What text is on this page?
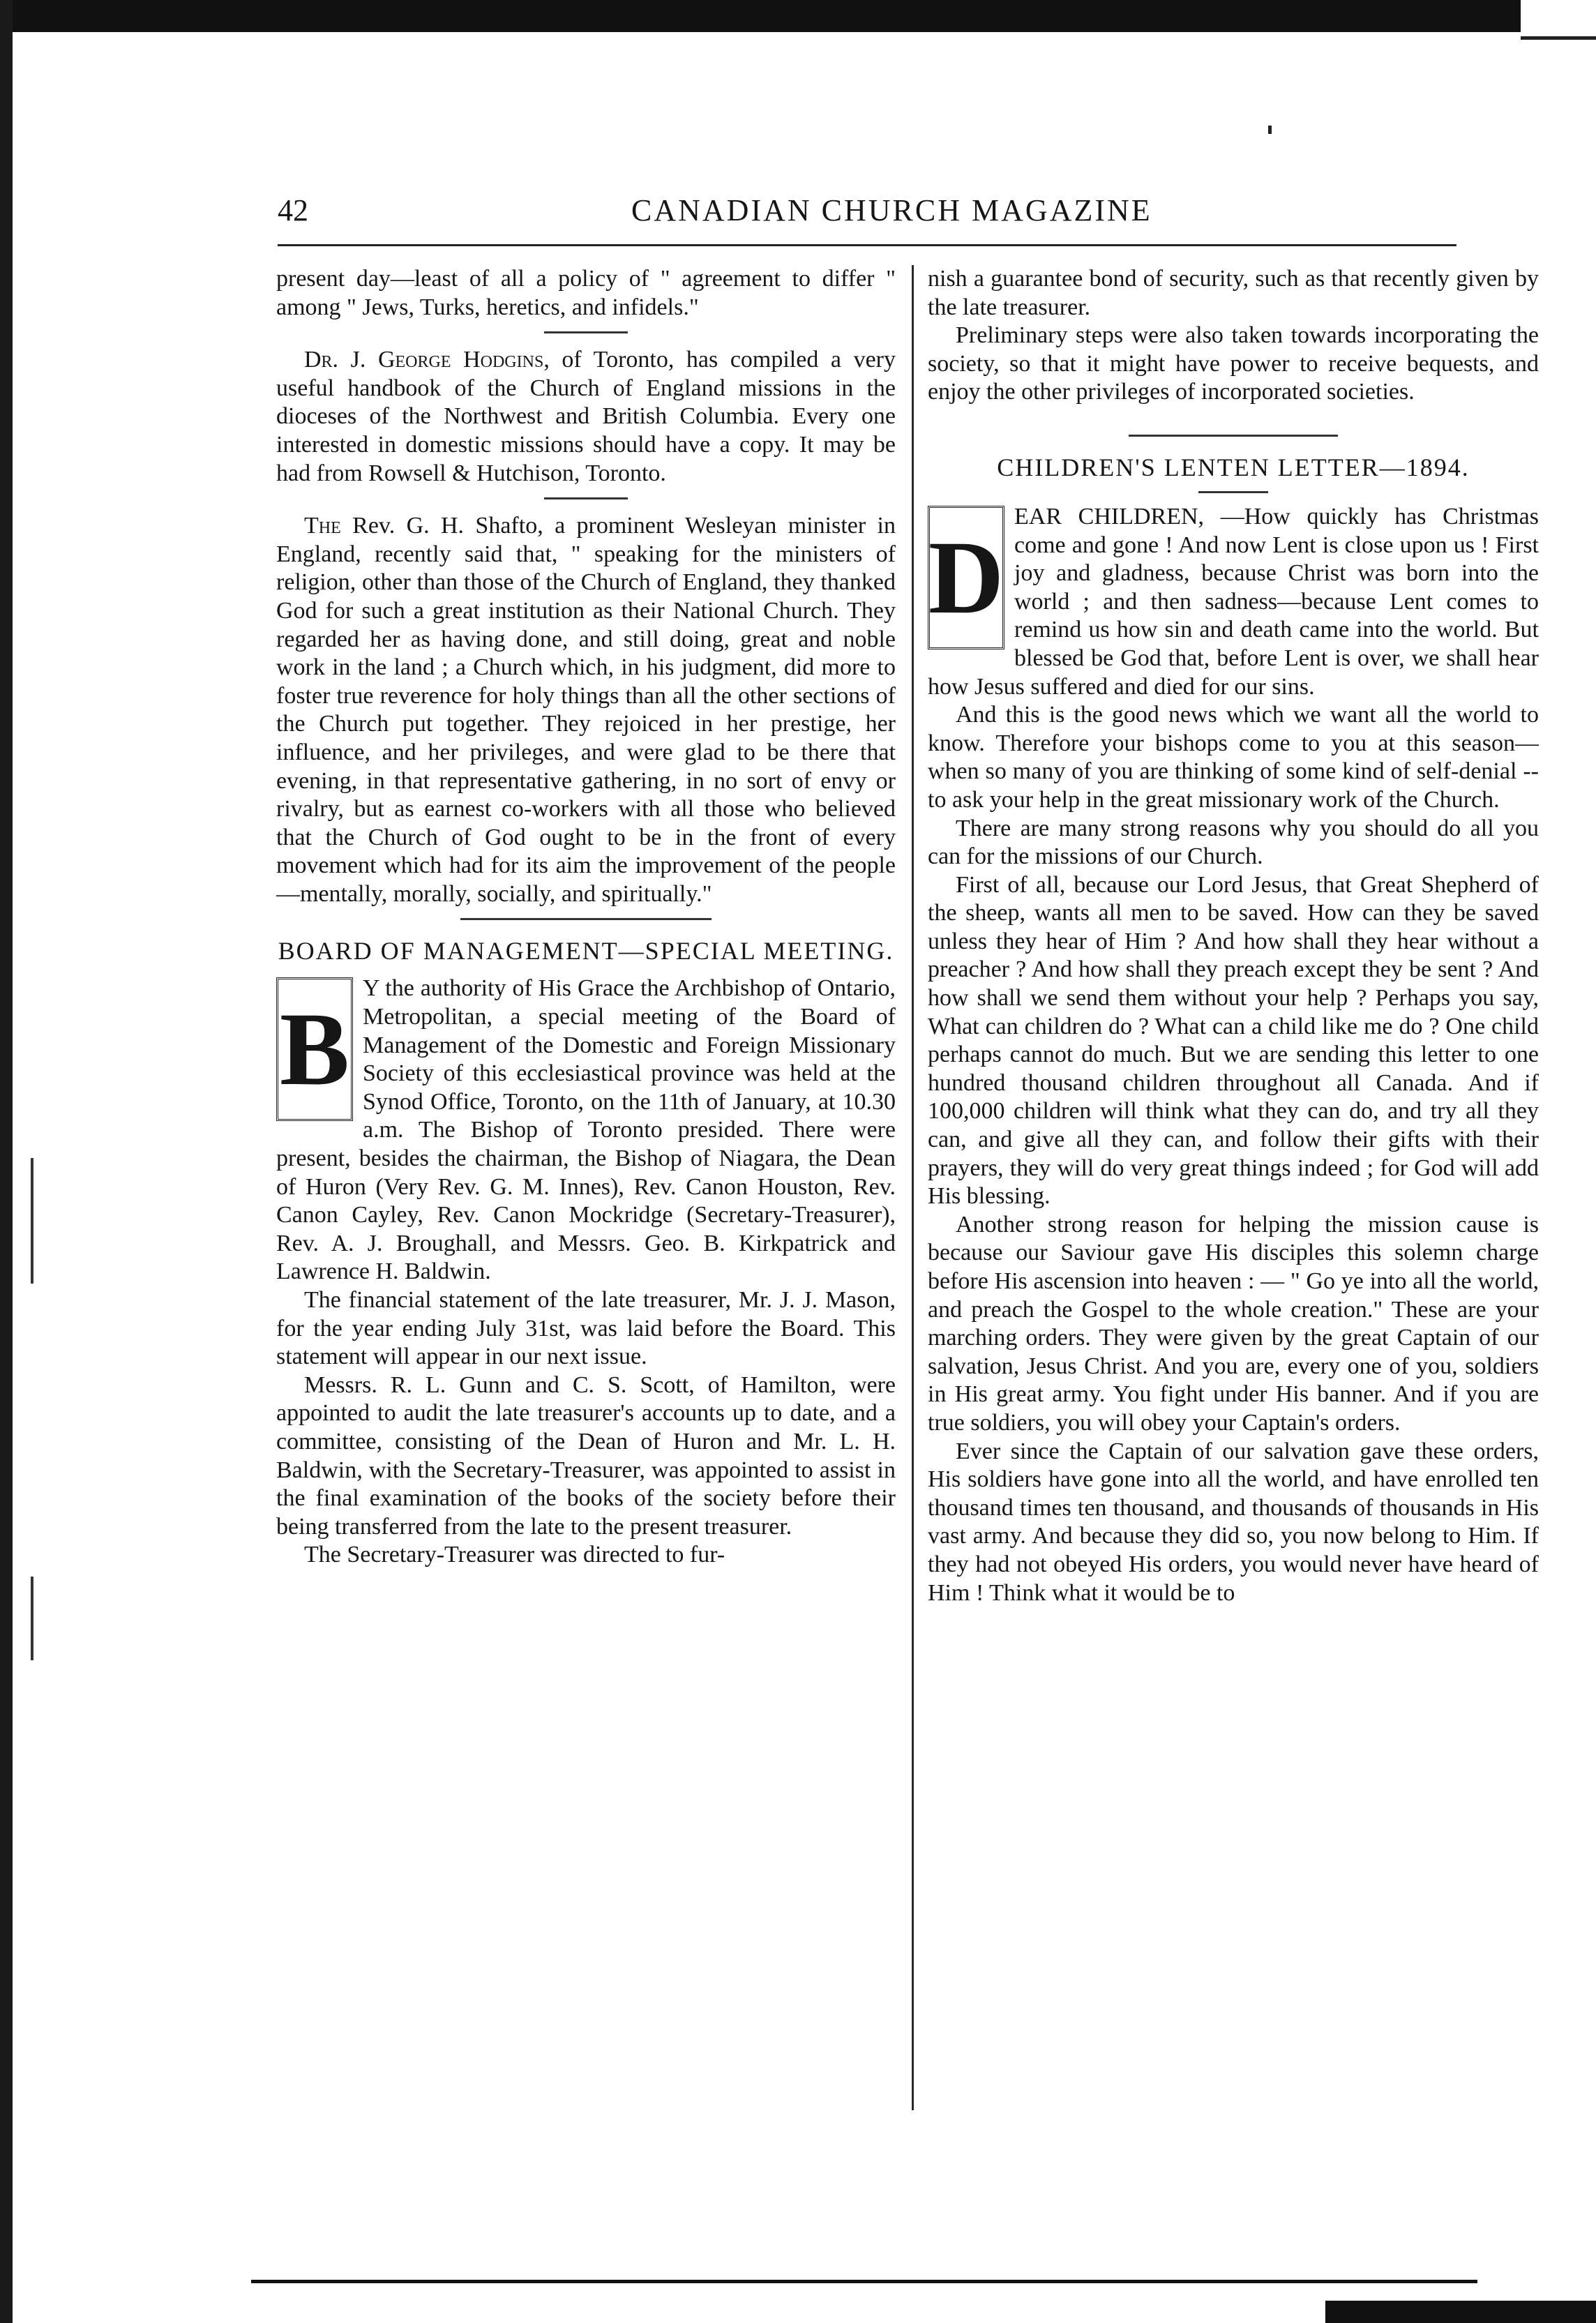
42	CANADIAN CHURCH MAGAZINE

present day—least of all a policy of " agreement to differ " among " Jews, Turks, heretics, and infidels."

Dr. J. George Hodgins, of Toronto, has compiled a very useful handbook of the Church of England missions in the dioceses of the Northwest and British Columbia. Every one interested in domestic missions should have a copy. It may be had from Rowsell & Hutchison, Toronto.

The Rev. G. H. Shafto, a prominent Wesleyan minister in England, recently said that, " speaking for the ministers of religion, other than those of the Church of England, they thanked God for such a great institution as their National Church. They regarded her as having done, and still doing, great and noble work in the land ; a Church which, in his judgment, did more to foster true reverence for holy things than all the other sections of the Church put together. They rejoiced in her prestige, her influence, and her privileges, and were glad to be there that evening, in that representative gathering, in no sort of envy or rivalry, but as earnest co-workers with all those who believed that the Church of God ought to be in the front of every movement which had for its aim the improvement of the people—mentally, morally, socially, and spiritually."

BOARD OF MANAGEMENT—SPECIAL MEETING.
B

Y the authority of His Grace the Archbishop of Ontario, Metropolitan, a special meeting of the Board of Management of the Domestic and Foreign Missionary Society of this ecclesiastical province was held at the Synod Office, Toronto, on the 11th of January, at 10.30 a.m. The Bishop of Toronto presided. There were present, besides the chairman, the Bishop of Niagara, the Dean of Huron (Very Rev. G. M. Innes), Rev. Canon Houston, Rev. Canon Cayley, Rev. Canon Mockridge (Secretary-Treasurer), Rev. A. J. Broughall, and Messrs. Geo. B. Kirkpatrick and Lawrence H. Baldwin.

The financial statement of the late treasurer, Mr. J. J. Mason, for the year ending July 31st, was laid before the Board. This statement will appear in our next issue.

Messrs. R. L. Gunn and C. S. Scott, of Hamilton, were appointed to audit the late treasurer's accounts up to date, and a committee, consisting of the Dean of Huron and Mr. L. H. Baldwin, with the Secretary-Treasurer, was appointed to assist in the final examination of the books of the society before their being transferred from the late to the present treasurer.

The Secretary-Treasurer was directed to fur-

nish a guarantee bond of security, such as that recently given by the late treasurer.

Preliminary steps were also taken towards incorporating the society, so that it might have power to receive bequests, and enjoy the other privileges of incorporated societies.

CHILDREN'S LENTEN LETTER—1894.
D

EAR CHILDREN, —How quickly has Christmas come and gone ! And now Lent is close upon us ! First joy and gladness, because Christ was born into the world ; and then sadness—because Lent comes to remind us how sin and death came into the world. But blessed be God that, before Lent is over, we shall hear how Jesus suffered and died for our sins.

And this is the good news which we want all the world to know. Therefore your bishops come to you at this season—when so many of you are thinking of some kind of self-denial -- to ask your help in the great missionary work of the Church.

There are many strong reasons why you should do all you can for the missions of our Church.

First of all, because our Lord Jesus, that Great Shepherd of the sheep, wants all men to be saved. How can they be saved unless they hear of Him ? And how shall they hear without a preacher ? And how shall they preach except they be sent ? And how shall we send them without your help ? Perhaps you say, What can children do ? What can a child like me do ? One child perhaps cannot do much. But we are sending this letter to one hundred thousand children throughout all Canada. And if 100,000 children will think what they can do, and try all they can, and give all they can, and follow their gifts with their prayers, they will do very great things indeed ; for God will add His blessing.

Another strong reason for helping the mission cause is because our Saviour gave His disciples this solemn charge before His ascension into heaven : — " Go ye into all the world, and preach the Gospel to the whole creation." These are your marching orders. They were given by the great Captain of our salvation, Jesus Christ. And you are, every one of you, soldiers in His great army. You fight under His banner. And if you are true soldiers, you will obey your Captain's orders.

Ever since the Captain of our salvation gave these orders, His soldiers have gone into all the world, and have enrolled ten thousand times ten thousand, and thousands of thousands in His vast army. And because they did so, you now belong to Him. If they had not obeyed His orders, you would never have heard of Him ! Think what it would be to
